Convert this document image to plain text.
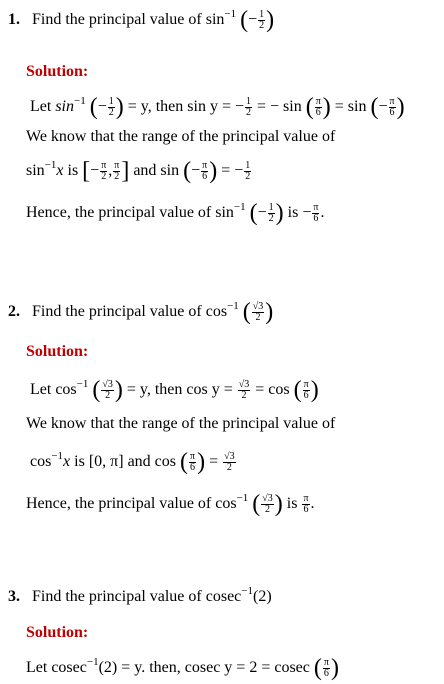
1. Find the principal value of $\sin^{-1}$ (− $\frac{1}{2}$ )
Solution:
Let $\sin^{-1}$ (− $\frac{1}{2}$ ) = y, then sin y = − $\frac{1}{2}$ = − sin ( $\frac{\pi}{6}$ ) = sin (− $\frac{\pi}{6}$ )
We know that the range of the principal value of
$\sin^{-1}x$ is [− $\frac{\pi}{2}$ , $\frac{\pi}{2}$ ] and sin (− $\frac{\pi}{6}$ ) = − $\frac{1}{2}$
Hence, the principal value of $\sin^{-1}$ (− $\frac{1}{2}$ ) is − $\frac{\pi}{6}$ .
2. Find the principal value of $\cos^{-1}$ ( $\frac{√3}{2}$ )
Solution:
Let $\cos^{-1}$ ( $\frac{√3}{2}$ ) = y, then $\cos y = \frac{√3}{2} = \cos$ ( $\frac{\pi}{6}$ )
We know that the range of the principal value of
$\cos^{-1}x$ is [0, π] and cos ( $\frac{\pi}{6}$ ) = $\frac{√3}{2}$
Hence, the principal value of $\cos^{-1}$ ( $\frac{√3}{2}$ ) is $\frac{\pi}{6}$ .
3. Find the principal value of cosec$^{-1}$(2)
Solution:
Let cosec$^{-1}$(2) = y. then, cosec y = 2 = cosec ( $\frac{\pi}{6}$ )
